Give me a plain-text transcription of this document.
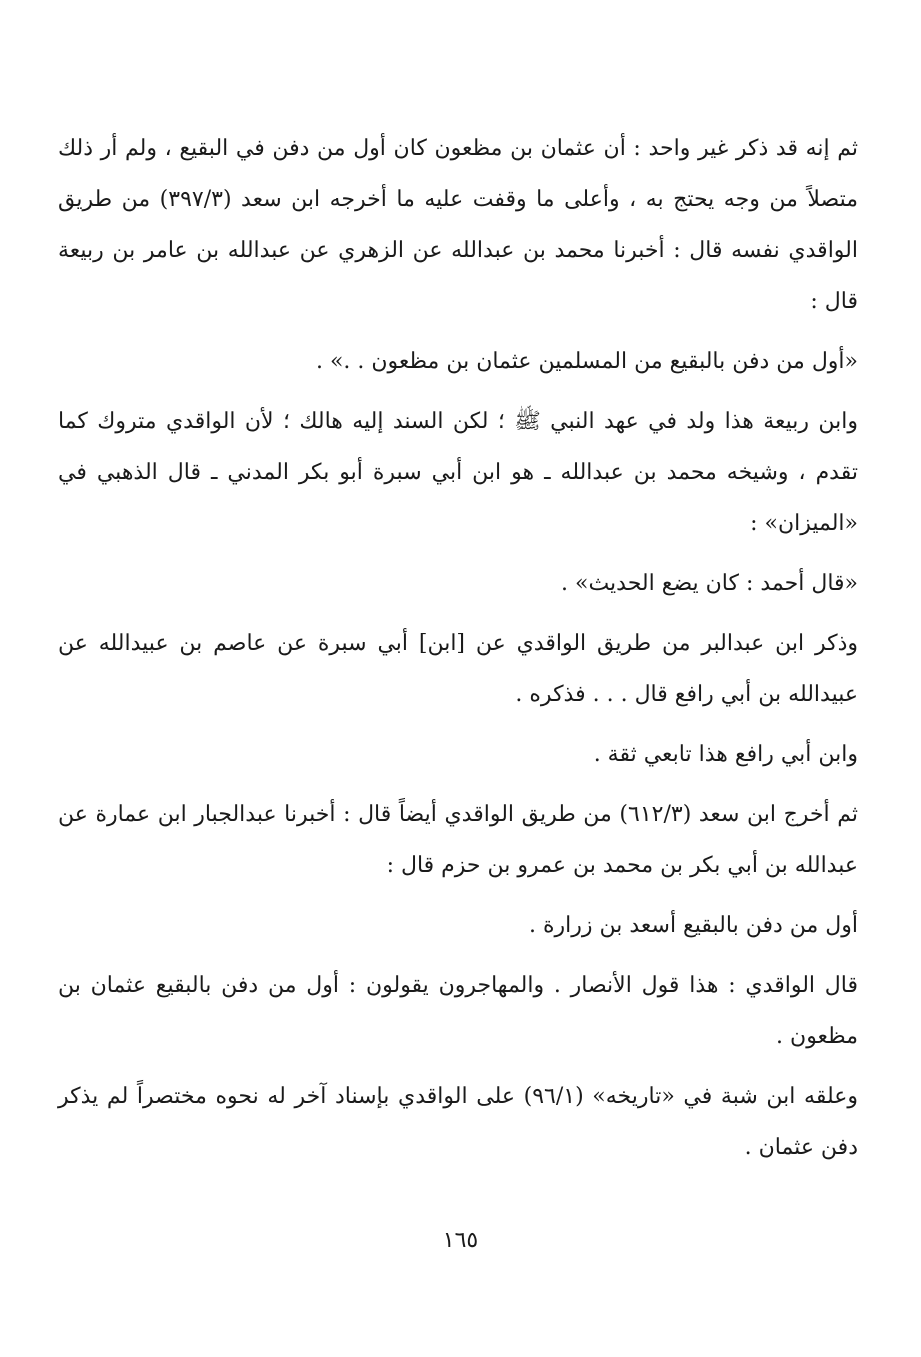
ثم إنه قد ذكر غير واحد : أن عثمان بن مظعون كان أول من دفن في البقيع ، ولم أر ذلك متصلاً من وجه يحتج به ، وأعلى ما وقفت عليه ما أخرجه ابن سعد (٣٩٧/٣) من طريق الواقدي نفسه قال : أخبرنا محمد بن عبدالله عن الزهري عن عبدالله بن عامر بن ربيعة قال :

«أول من دفن بالبقيع من المسلمين عثمان بن مظعون . .» .

وابن ربيعة هذا ولد في عهد النبي ﷺ ؛ لكن السند إليه هالك ؛ لأن الواقدي متروك كما تقدم ، وشيخه محمد بن عبدالله ـ هو ابن أبي سبرة أبو بكر المدني ـ قال الذهبي في «الميزان» :

«قال أحمد : كان يضع الحديث» .

وذكر ابن عبدالبر من طريق الواقدي عن [ابن] أبي سبرة عن عاصم بن عبيدالله عن عبيدالله بن أبي رافع قال . . . فذكره .

وابن أبي رافع هذا تابعي ثقة .

ثم أخرج ابن سعد (٦١٢/٣) من طريق الواقدي أيضاً قال : أخبرنا عبدالجبار ابن عمارة عن عبدالله بن أبي بكر بن محمد بن عمرو بن حزم قال :

أول من دفن بالبقيع أسعد بن زرارة .

قال الواقدي : هذا قول الأنصار . والمهاجرون يقولون : أول من دفن بالبقيع عثمان بن مظعون .

وعلقه ابن شبة في «تاريخه» (٩٦/١) على الواقدي بإسناد آخر له نحوه مختصراً لم يذكر دفن عثمان .

١٦٥
